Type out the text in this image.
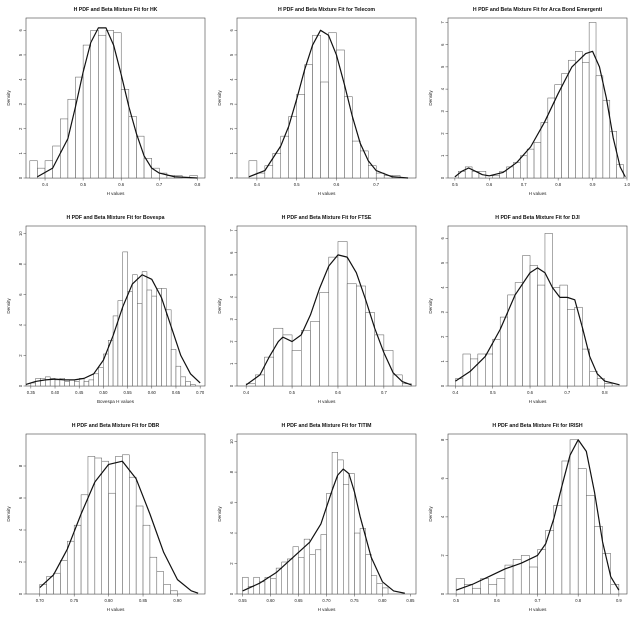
H PDF and Beta Mixture Fit for HK
0.4	0.5	0.6	0.7	0.8
0
1
2
3
4
5
6
H values
Density
H PDF and Beta Mixture Fit for Telecom
0.4	0.5	0.6	0.7
0
1
2
3
4
5
6
H values
Density
H PDF and Beta Mixture Fit for Arca Bond Emergenti
0.5	0.6	0.7	0.8	0.9	1.0
0
1
2
3
4
5
6
7
H values
Density
H PDF and Beta Mixture Fit for Bovespa
0.35	0.40	0.45	0.50	0.55	0.60	0.65	0.70
0
2
4
6
8
10
Bovespa H values
Density
H PDF and Beta Mixture Fit for FTSE
0.4	0.5	0.6	0.7
0
1
2
3
4
5
6
7
H values
Density
H PDF and Beta Mixture Fit for DJI
0.4	0.5	0.6	0.7	0.8
0
1
2
3
4
5
6
H values
Density
H PDF and Beta Mixture Fit for DBR
0.70	0.75	0.80	0.85	0.90
0
2
4
6
8
H values
Density
H PDF and Beta Mixture Fit for TITIM
0.55	0.60	0.65	0.70	0.75	0.80	0.85
0
2
4
6
8
10
H values
Density
H PDF and Beta Mixture Fit for IRISH
0.5	0.6	0.7	0.8	0.9
0
2
4
6
8
H values
Density
